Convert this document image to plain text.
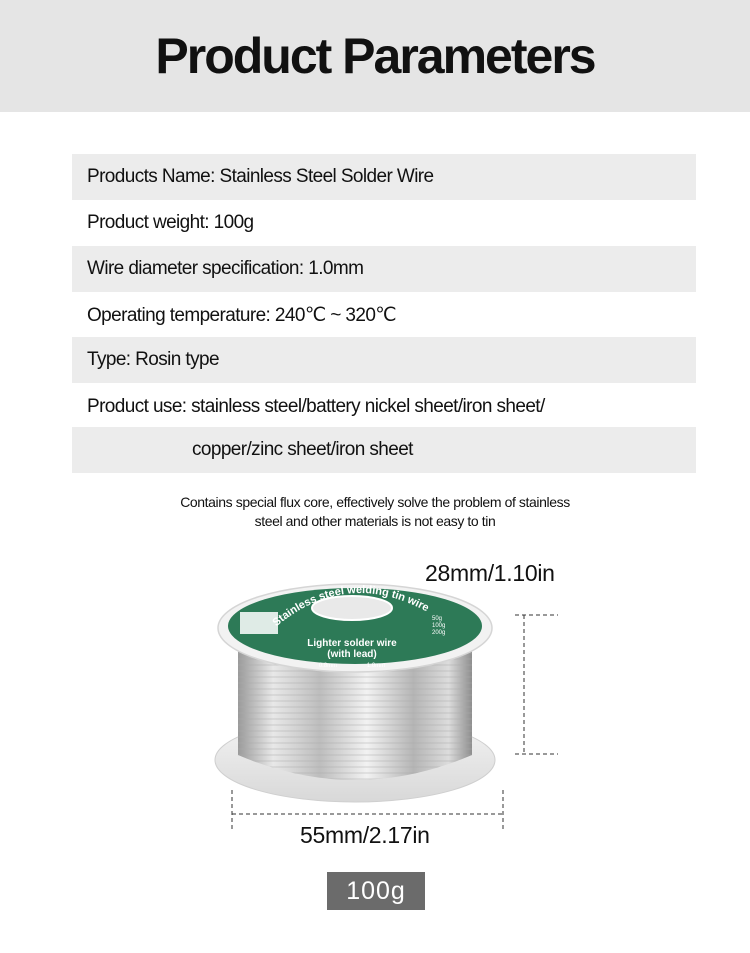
Product Parameters
Products Name: Stainless Steel Solder Wire
Product weight: 100g
Wire diameter specification: 1.0mm
Operating temperature: 240℃ ~ 320℃
Type: Rosin type
Product use: stainless steel/battery nickel sheet/iron sheet/
copper/zinc sheet/iron sheet
Contains special flux core, effectively solve the problem of stainless
steel and other materials is not easy to tin
Stainless steel welding tin wire
Lighter solder wire
(with lead)
0.8mm	1.0mm
50g
100g
200g
28mm/1.10in
55mm/2.17in
100g
